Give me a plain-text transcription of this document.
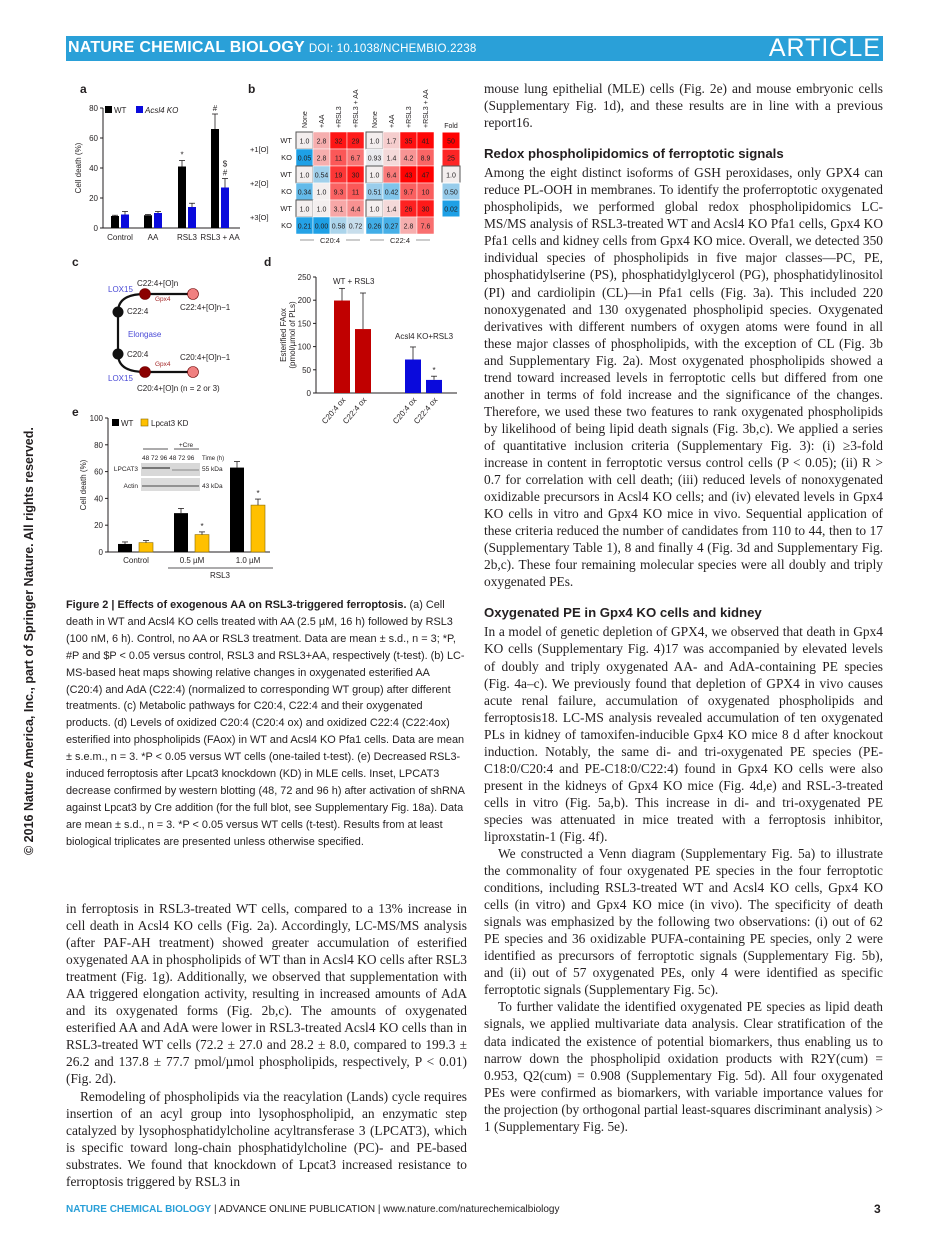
NATURE CHEMICAL BIOLOGY DOI: 10.1038/NCHEMBIO.2238	ARTICLE
© 2016 Nature America, Inc., part of Springer Nature. All rights reserved.
a	b
c	d
e
0
20
40
60
80
Cell death (%)
Control AA
*
RSL3
#
$
#
RSL3 + AA
WT Acsl4 KO
None +AA +RSL3 +RSL3 + AA None +AA +RSL3 +RSL3 + AA
WT 1.0 2.8 32 29 1.0 1.7 35 41
KO 0.05 2.8 11 6.7 0.93 1.4 4.2 8.9
WT 1.0 0.54 19 30 1.0 6.4 43 47
KO 0.34 1.0 9.3 11 0.51 0.42 9.7 10
WT 1.0 1.0 3.1 4.4 1.0 1.4 26 30
KO 0.21 0.00 0.58 0.72 0.26 0.27 2.8 7.6
+1[O]
+2[O]
+3[O]
Fold
50
25
1.0
0.50
0.02
C20:4	C22:4
LOX15
LOX15
Elongase
Gpx4
Gpx4
C22:4
C20:4
C22:4+[O]n
C22:4+[O]n−1
C20:4+[O]n (n = 2 or 3)
C20:4+[O]n−1
0
50
100
150
200
250
Esterified FAox (pmol/µmol of PLs)
C20:4 ox
C22:4 ox	C20:4 ox
*
C22:4 ox
WT + RSL3
Acsl4 KO+RSL3
0
20
40
60
80
100
Cell death (%)
Control
*
0.5 µM
*
1.0 µM
RSL3
WT Lpcat3 KD
+Cre
48 72 96 48 72 96 Time (h)
LPCAT3	55 kDa
Actin	43 kDa
Figure 2 | Effects of exogenous AA on RSL3-triggered ferroptosis. (a) Cell death in WT and Acsl4 KO cells treated with AA (2.5 µM, 16 h) followed by RSL3 (100 nM, 6 h). Control, no AA or RSL3 treatment. Data are mean ± s.d., n = 3; *P, #P and $P < 0.05 versus control, RSL3 and RSL3+AA, respectively (t-test). (b) LC-MS-based heat maps showing relative changes in oxygenated esterified AA (C20:4) and AdA (C22:4) (normalized to corresponding WT group) after different treatments. (c) Metabolic pathways for C20:4, C22:4 and their oxygenated products. (d) Levels of oxidized C20:4 (C20:4 ox) and oxidized C22:4 (C22:4ox) esterified into phospholipids (FAox) in WT and Acsl4 KO Pfa1 cells. Data are mean ± s.e.m., n = 3. *P < 0.05 versus WT cells (one-tailed t-test). (e) Decreased RSL3-induced ferroptosis after Lpcat3 knockdown (KD) in MLE cells. Inset, LPCAT3 decrease confirmed by western blotting (48, 72 and 96 h) after activation of shRNA against Lpcat3 by Cre addition (for the full blot, see Supplementary Fig. 18a). Data are mean ± s.d., n = 3. *P < 0.05 versus WT cells (t-test). Results from at least biological triplicates are presented unless otherwise specified.

in ferroptosis in RSL3-treated WT cells, compared to a 13% increase in cell death in Acsl4 KO cells (Fig. 2a). Accordingly, LC-MS/MS analysis (after PAF-AH treatment) showed greater accumulation of esterified oxygenated AA in phospholipids of WT than in Acsl4 KO cells after RSL3 treatment (Fig. 1g). Additionally, we observed that supplementation with AA triggered elongation activity, resulting in increased amounts of AdA and its oxygenated forms (Fig. 2b,c). The amounts of oxygenated esterified AA and AdA were lower in RSL3-treated Acsl4 KO cells than in RSL3-treated WT cells (72.2 ± 27.0 and 28.2 ± 8.0, compared to 199.3 ± 26.2 and 137.8 ± 77.7 pmol/µmol phospholipids, respectively, P < 0.01) (Fig. 2d).

Remodeling of phospholipids via the reacylation (Lands) cycle requires insertion of an acyl group into lysophospholipid, an enzymatic step catalyzed by lysophosphatidylcholine acyltransferase 3 (LPCAT3), which is specific toward long-chain phosphatidylcholine (PC)- and PE-based substrates. We found that knockdown of Lpcat3 increased resistance to ferroptosis triggered by RSL3 in

mouse lung epithelial (MLE) cells (Fig. 2e) and mouse embryonic cells (Supplementary Fig. 1d), and these results are in line with a previous report16.

Redox phospholipidomics of ferroptotic signals

Among the eight distinct isoforms of GSH peroxidases, only GPX4 can reduce PL-OOH in membranes. To identify the proferroptotic oxygenated phospholipids, we performed global redox phospholipidomics LC-MS/MS analysis of RSL3-treated WT and Acsl4 KO Pfa1 cells, Gpx4 KO Pfa1 cells and kidney cells from Gpx4 KO mice. Overall, we detected 350 individual species of phospholipids in five major classes—PC, PE, phosphatidylserine (PS), phosphatidylglycerol (PG), phosphatidylinositol (PI) and cardiolipin (CL)—in Pfa1 cells (Fig. 3a). This included 220 nonoxygenated and 130 oxygenated phospholipid species. Oxygenated derivatives with different numbers of oxygen atoms were found in all these major classes of phospholipids, with the exception of CL (Fig. 3b and Supplementary Fig. 2a). Most oxygenated phospholipids showed a trend toward increased levels in ferroptotic cells but differed from one another in terms of fold increase and the significance of the changes. Therefore, we used these two features to rank oxygenated phospholipids by likelihood of being lipid death signals (Fig. 3b,c). We applied a series of quantitative inclusion criteria (Supplementary Fig. 3): (i) ≥3-fold increase in content in ferroptotic versus control cells (P < 0.05); (ii) R > 0.7 for correlation with cell death; (iii) reduced levels of nonoxygenated oxidizable precursors in Acsl4 KO cells; and (iv) elevated levels in Gpx4 KO cells in vitro and Gpx4 KO mice in vivo. Sequential application of these criteria reduced the number of candidates from 110 to 44, then to 17 (Supplementary Table 1), 8 and finally 4 (Fig. 3d and Supplementary Fig. 2b,c). These four remaining molecular species were all doubly and triply oxygenated PEs.

Oxygenated PE in Gpx4 KO cells and kidney

In a model of genetic depletion of GPX4, we observed that death in Gpx4 KO cells (Supplementary Fig. 4)17 was accompanied by elevated levels of doubly and triply oxygenated AA- and AdA-containing PE species (Fig. 4a–c). We previously found that depletion of GPX4 in vivo causes acute renal failure, accumulation of oxygenated phospholipids and ferroptosis18. LC-MS analysis revealed accumulation of ten oxygenated PLs in kidney of tamoxifen-inducible Gpx4 KO mice 8 d after knockout induction. Notably, the same di- and tri-oxygenated PE species (PE-C18:0/C20:4 and PE-C18:0/C22:4) found in Gpx4 KO cells were also present in the kidneys of Gpx4 KO mice (Fig. 4d,e) and RSL-3-treated cells in vitro (Fig. 5a,b). This increase in di- and tri-oxygenated PE species was attenuated in mice treated with a ferroptosis inhibitor, liproxstatin-1 (Fig. 4f).

We constructed a Venn diagram (Supplementary Fig. 5a) to illustrate the commonality of four oxygenated PE species in the four ferroptotic conditions, including RSL3-treated WT and Acsl4 KO cells, Gpx4 KO cells (in vitro) and Gpx4 KO mice (in vivo). The specificity of death signals was emphasized by the following two observations: (i) out of 62 PE species and 36 oxidizable PUFA-containing PE species, only 2 were identified as precursors of ferroptotic signals (Supplementary Fig. 5b), and (ii) out of 57 oxygenated PEs, only 4 were identified as specific ferroptotic signals (Supplementary Fig. 5c).

To further validate the identified oxygenated PE species as lipid death signals, we applied multivariate data analysis. Clear stratification of the data indicated the existence of potential biomarkers, thus enabling us to narrow down the phospholipid oxidation products with R2Y(cum) = 0.953, Q2(cum) = 0.908 (Supplementary Fig. 5d). All four oxygenated PEs were confirmed as biomarkers, with variable importance values for the projection (by orthogonal partial least-squares discriminant analysis) > 1 (Supplementary Fig. 5e).

NATURE CHEMICAL BIOLOGY | ADVANCE ONLINE PUBLICATION | www.nature.com/naturechemicalbiology	3
